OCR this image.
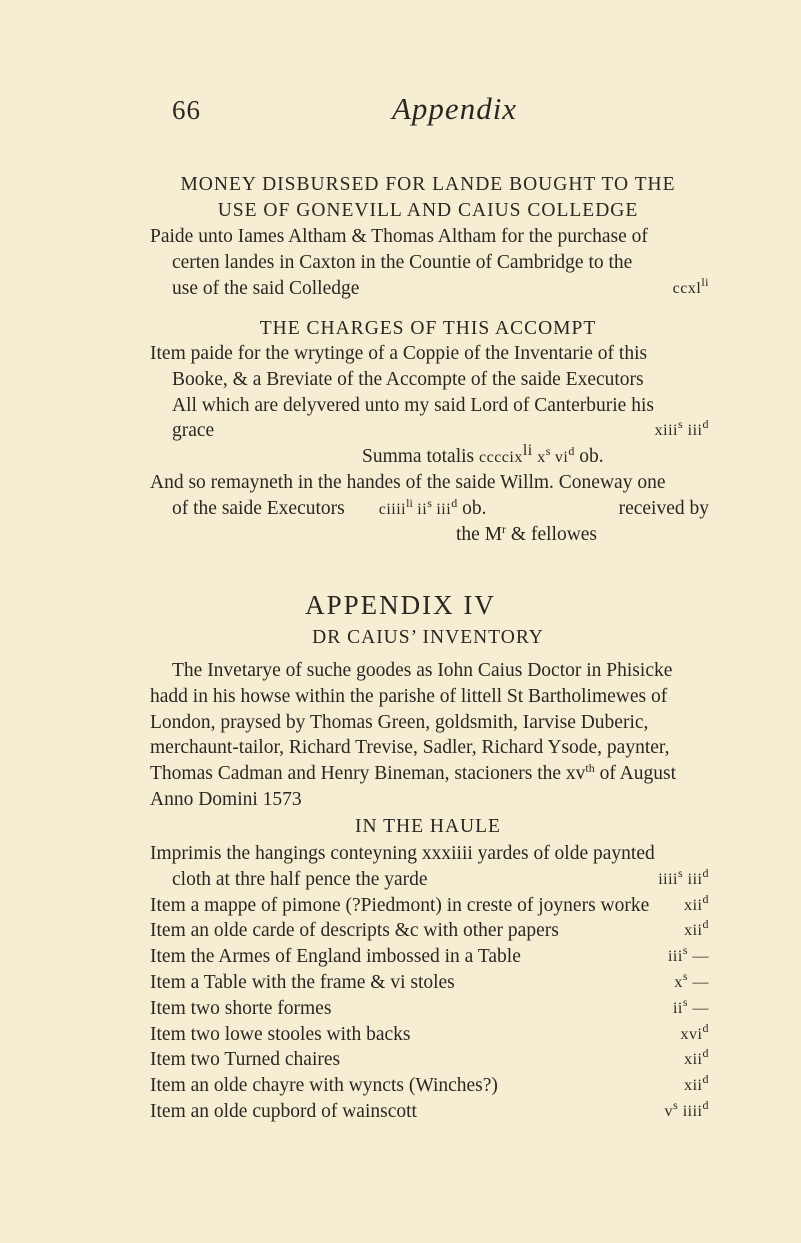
66	Appendix
MONEY DISBURSED FOR LANDE BOUGHT TO THE
USE OF GONEVILL AND CAIUS COLLEDGE
Paide unto Iames Altham & Thomas Altham for the purchase of
certen landes in Caxton in the Countie of Cambridge to the
use of the said Colledge	ccxl$^{li}$
THE CHARGES OF THIS ACCOMPT
Item paide for the wrytinge of a Coppie of the Inventarie of this
Booke, & a Breviate of the Accompte of the saide Executors
All which are delyvered unto my said Lord of Canterburie his
grace	xiii$^s$ iii$^d$
Summa totalis ccccix$^{li}$ $x^s$ $vi^d$ ob.
And so remayneth in the handes of the saide Willm. Coneway one
of the saide Executors ciiii$^{li}$ $ii^s$ iii$^d$ ob.	received by
the $M^r$ & fellowes
APPENDIX IV
DR CAIUS’ INVENTORY
The Invetarye of suche goodes as Iohn Caius Doctor in Phisicke
hadd in his howse within the parishe of littell St Bartholimewes of
London, praysed by Thomas Green, goldsmith, Iarvise Duberic,
merchaunt-tailor, Richard Trevise, Sadler, Richard Ysode, paynter,
Thomas Cadman and Henry Bineman, stacioners the $xv^{th}$ of August
Anno Domini 1573
IN THE HAULE
Imprimis the hangings conteyning xxxiiii yardes of olde paynted
cloth at thre half pence the yarde	iiii$^s$ iii$^d$
Item a mappe of pimone (?Piedmont) in creste of joyners worke xii$^d$
Item an olde carde of descripts &c with other papers	xii$^d$
Item the Armes of England imbossed in a Table	iii$^s$ —
Item a Table with the frame & vi stoles	$x^s$ —
Item two shorte formes	$ii^s$ —
Item two lowe stooles with backs	xvi$^d$
Item two Turned chaires	xii$^d$
Item an olde chayre with wyncts (Winches?)	xii$^d$
Item an olde cupbord of wainscott	$v^s$ iiii$^d$
